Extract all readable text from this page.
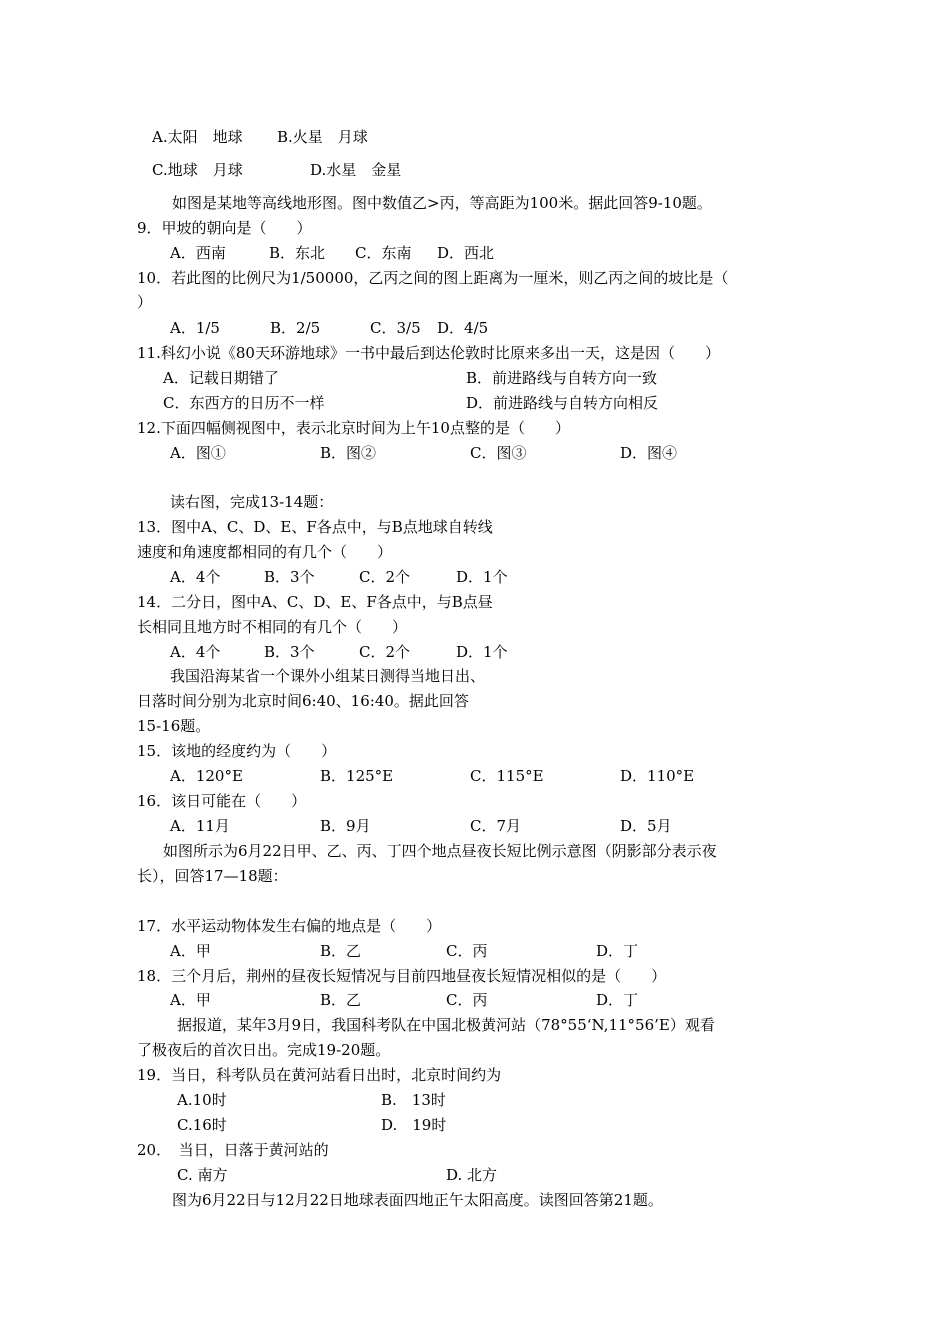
A.太阳　地球 B.火星　月球
C.地球　月球	D.水星　金星
如图是某地等高线地形图。图中数值乙>丙，等高距为100米。据此回答9-10题。
9．甲坡的朝向是（　　）
A．西南	B．东北 C．东南 D．西北
10．若此图的比例尺为1/50000，乙丙之间的图上距离为一厘米，则乙丙之间的坡比是（
）
A．1/5	B．2/5	C．3/5 D．4/5
11.科幻小说《80天环游地球》一书中最后到达伦敦时比原来多出一天，这是因（　　）
A．记载日期错了	B．前进路线与自转方向一致
C．东西方的日历不一样	D．前进路线与自转方向相反
12.下面四幅侧视图中，表示北京时间为上午10点整的是（　　）
A．图①	B．图②	C．图③	D．图④
读右图，完成13-14题：
13．图中A、C、D、E、F各点中，与B点地球自转线
速度和角速度都相同的有几个（　　）
A．4个	B．3个	C．2个	D．1个
14．二分日，图中A、C、D、E、F各点中，与B点昼
长相同且地方时不相同的有几个（　　）
A．4个	B．3个	C．2个	D．1个
我国沿海某省一个课外小组某日测得当地日出、
日落时间分别为北京时间6:40、16:40。据此回答
15-16题。
15．该地的经度约为（　　）
A．120°E	B．125°E	C．115°E	D．110°E
16．该日可能在（　　）
A．11月	B．9月	C．7月	D．5月
如图所示为6月22日甲、乙、丙、丁四个地点昼夜长短比例示意图（阴影部分表示夜
长），回答17—18题：
17．水平运动物体发生右偏的地点是（　　）
A．甲	B．乙	C．丙	D．丁
18．三个月后，荆州的昼夜长短情况与目前四地昼夜长短情况相似的是（　　）
A．甲	B．乙	C．丙	D．丁
据报道，某年3月9日，我国科考队在中国北极黄河站（78°55‘N,11°56’E）观看
了极夜后的首次日出。完成19-20题。
19．当日，科考队员在黄河站看日出时，北京时间约为
A.10时	B.　13时
C.16时	D.　19时
20．　当日，日落于黄河站的
C. 南方	D. 北方
图为6月22日与12月22日地球表面四地正午太阳高度。读图回答第21题。
